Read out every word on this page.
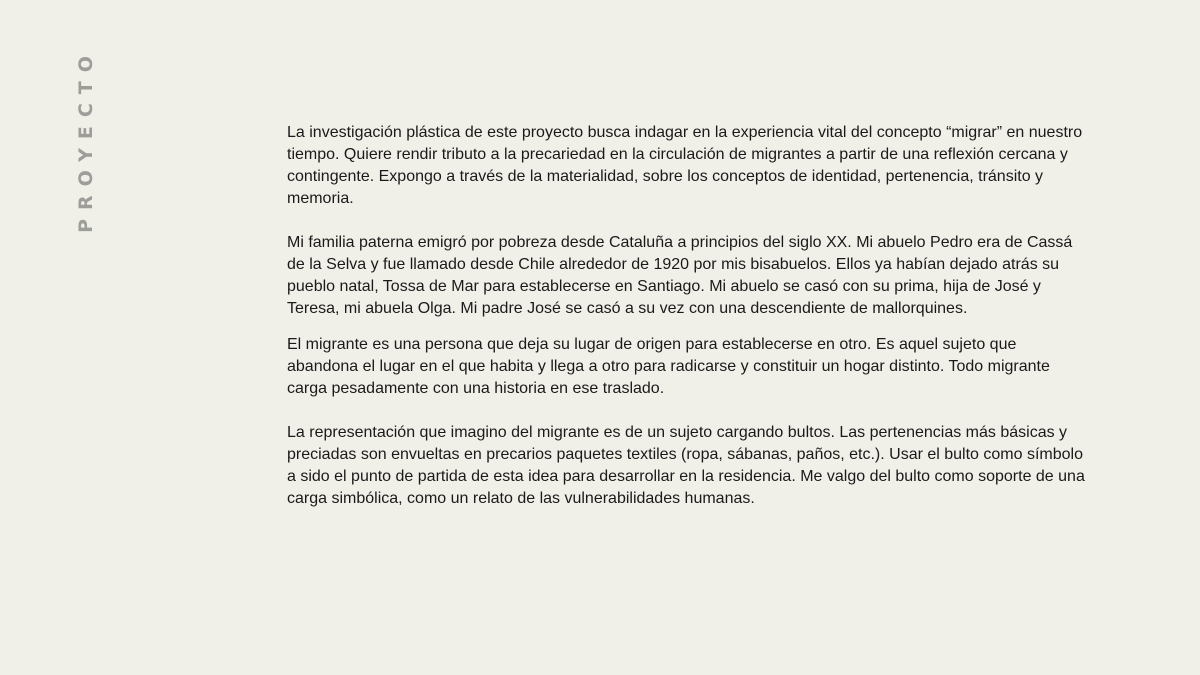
PROYECTO	La investigación plástica de este proyecto busca indagar en la experiencia vital del concepto “migrar” en nuestro tiempo. Quiere rendir tributo a la precariedad en la circulación de migrantes a partir de una reflexión cercana y contingente. Expongo a través de la materialidad, sobre los conceptos de identidad, pertenencia, tránsito y memoria.

Mi familia paterna emigró por pobreza desde Cataluña a principios del siglo XX. Mi abuelo Pedro era de Cassá de la Selva y fue llamado desde Chile alrededor de 1920 por mis bisabuelos. Ellos ya habían dejado atrás su pueblo natal, Tossa de Mar para establecerse en Santiago. Mi abuelo se casó con su prima, hija de José y Teresa, mi abuela Olga. Mi padre José se casó a su vez con una descendiente de mallorquines.

El migrante es una persona que deja su lugar de origen para establecerse en otro. Es aquel sujeto que abandona el lugar en el que habita y llega a otro para radicarse y constituir un hogar distinto. Todo migrante carga pesadamente con una historia en ese traslado.

La representación que imagino del migrante es de un sujeto cargando bultos. Las pertenencias más básicas y preciadas son envueltas en precarios paquetes textiles (ropa, sábanas, paños, etc.). Usar el bulto como símbolo a sido el punto de partida de esta idea para desarrollar en la residencia. Me valgo del bulto como soporte de una carga simbólica, como un relato de las vulnerabilidades humanas.
